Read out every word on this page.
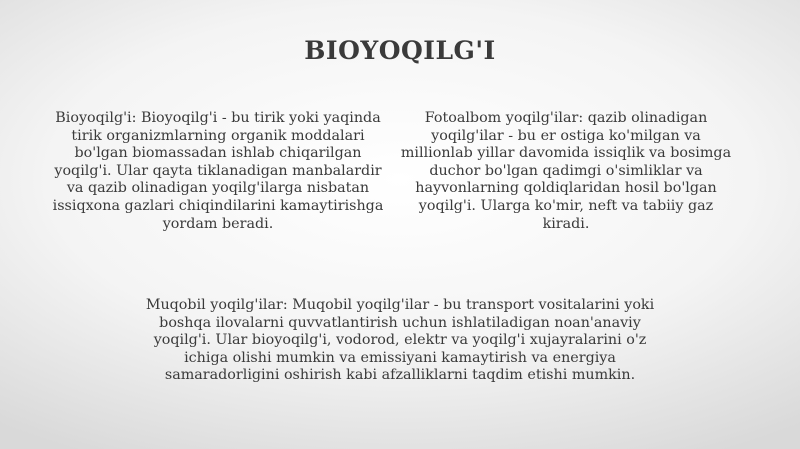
BIOYOQILG'I

Bioyoqilg'i: Bioyoqilg'i - bu tirik yoki yaqinda tirik organizmlarning organik moddalari bo'lgan biomassadan ishlab chiqarilgan yoqilg'i. Ular qayta tiklanadigan manbalardir va qazib olinadigan yoqilg'ilarga nisbatan issiqxona gazlari chiqindilarini kamaytirishga yordam beradi.

Fotoalbom yoqilg'ilar: qazib olinadigan yoqilg'ilar - bu er ostiga ko'milgan va millionlab yillar davomida issiqlik va bosimga duchor bo'lgan qadimgi o'simliklar va hayvonlarning qoldiqlaridan hosil bo'lgan yoqilg'i. Ularga ko'mir, neft va tabiiy gaz kiradi.

Muqobil yoqilg'ilar: Muqobil yoqilg'ilar - bu transport vositalarini yoki boshqa ilovalarni quvvatlantirish uchun ishlatiladigan noan'anaviy yoqilg'i. Ular bioyoqilg'i, vodorod, elektr va yoqilg'i xujayralarini o'z ichiga olishi mumkin va emissiyani kamaytirish va energiya samaradorligini oshirish kabi afzalliklarni taqdim etishi mumkin.
